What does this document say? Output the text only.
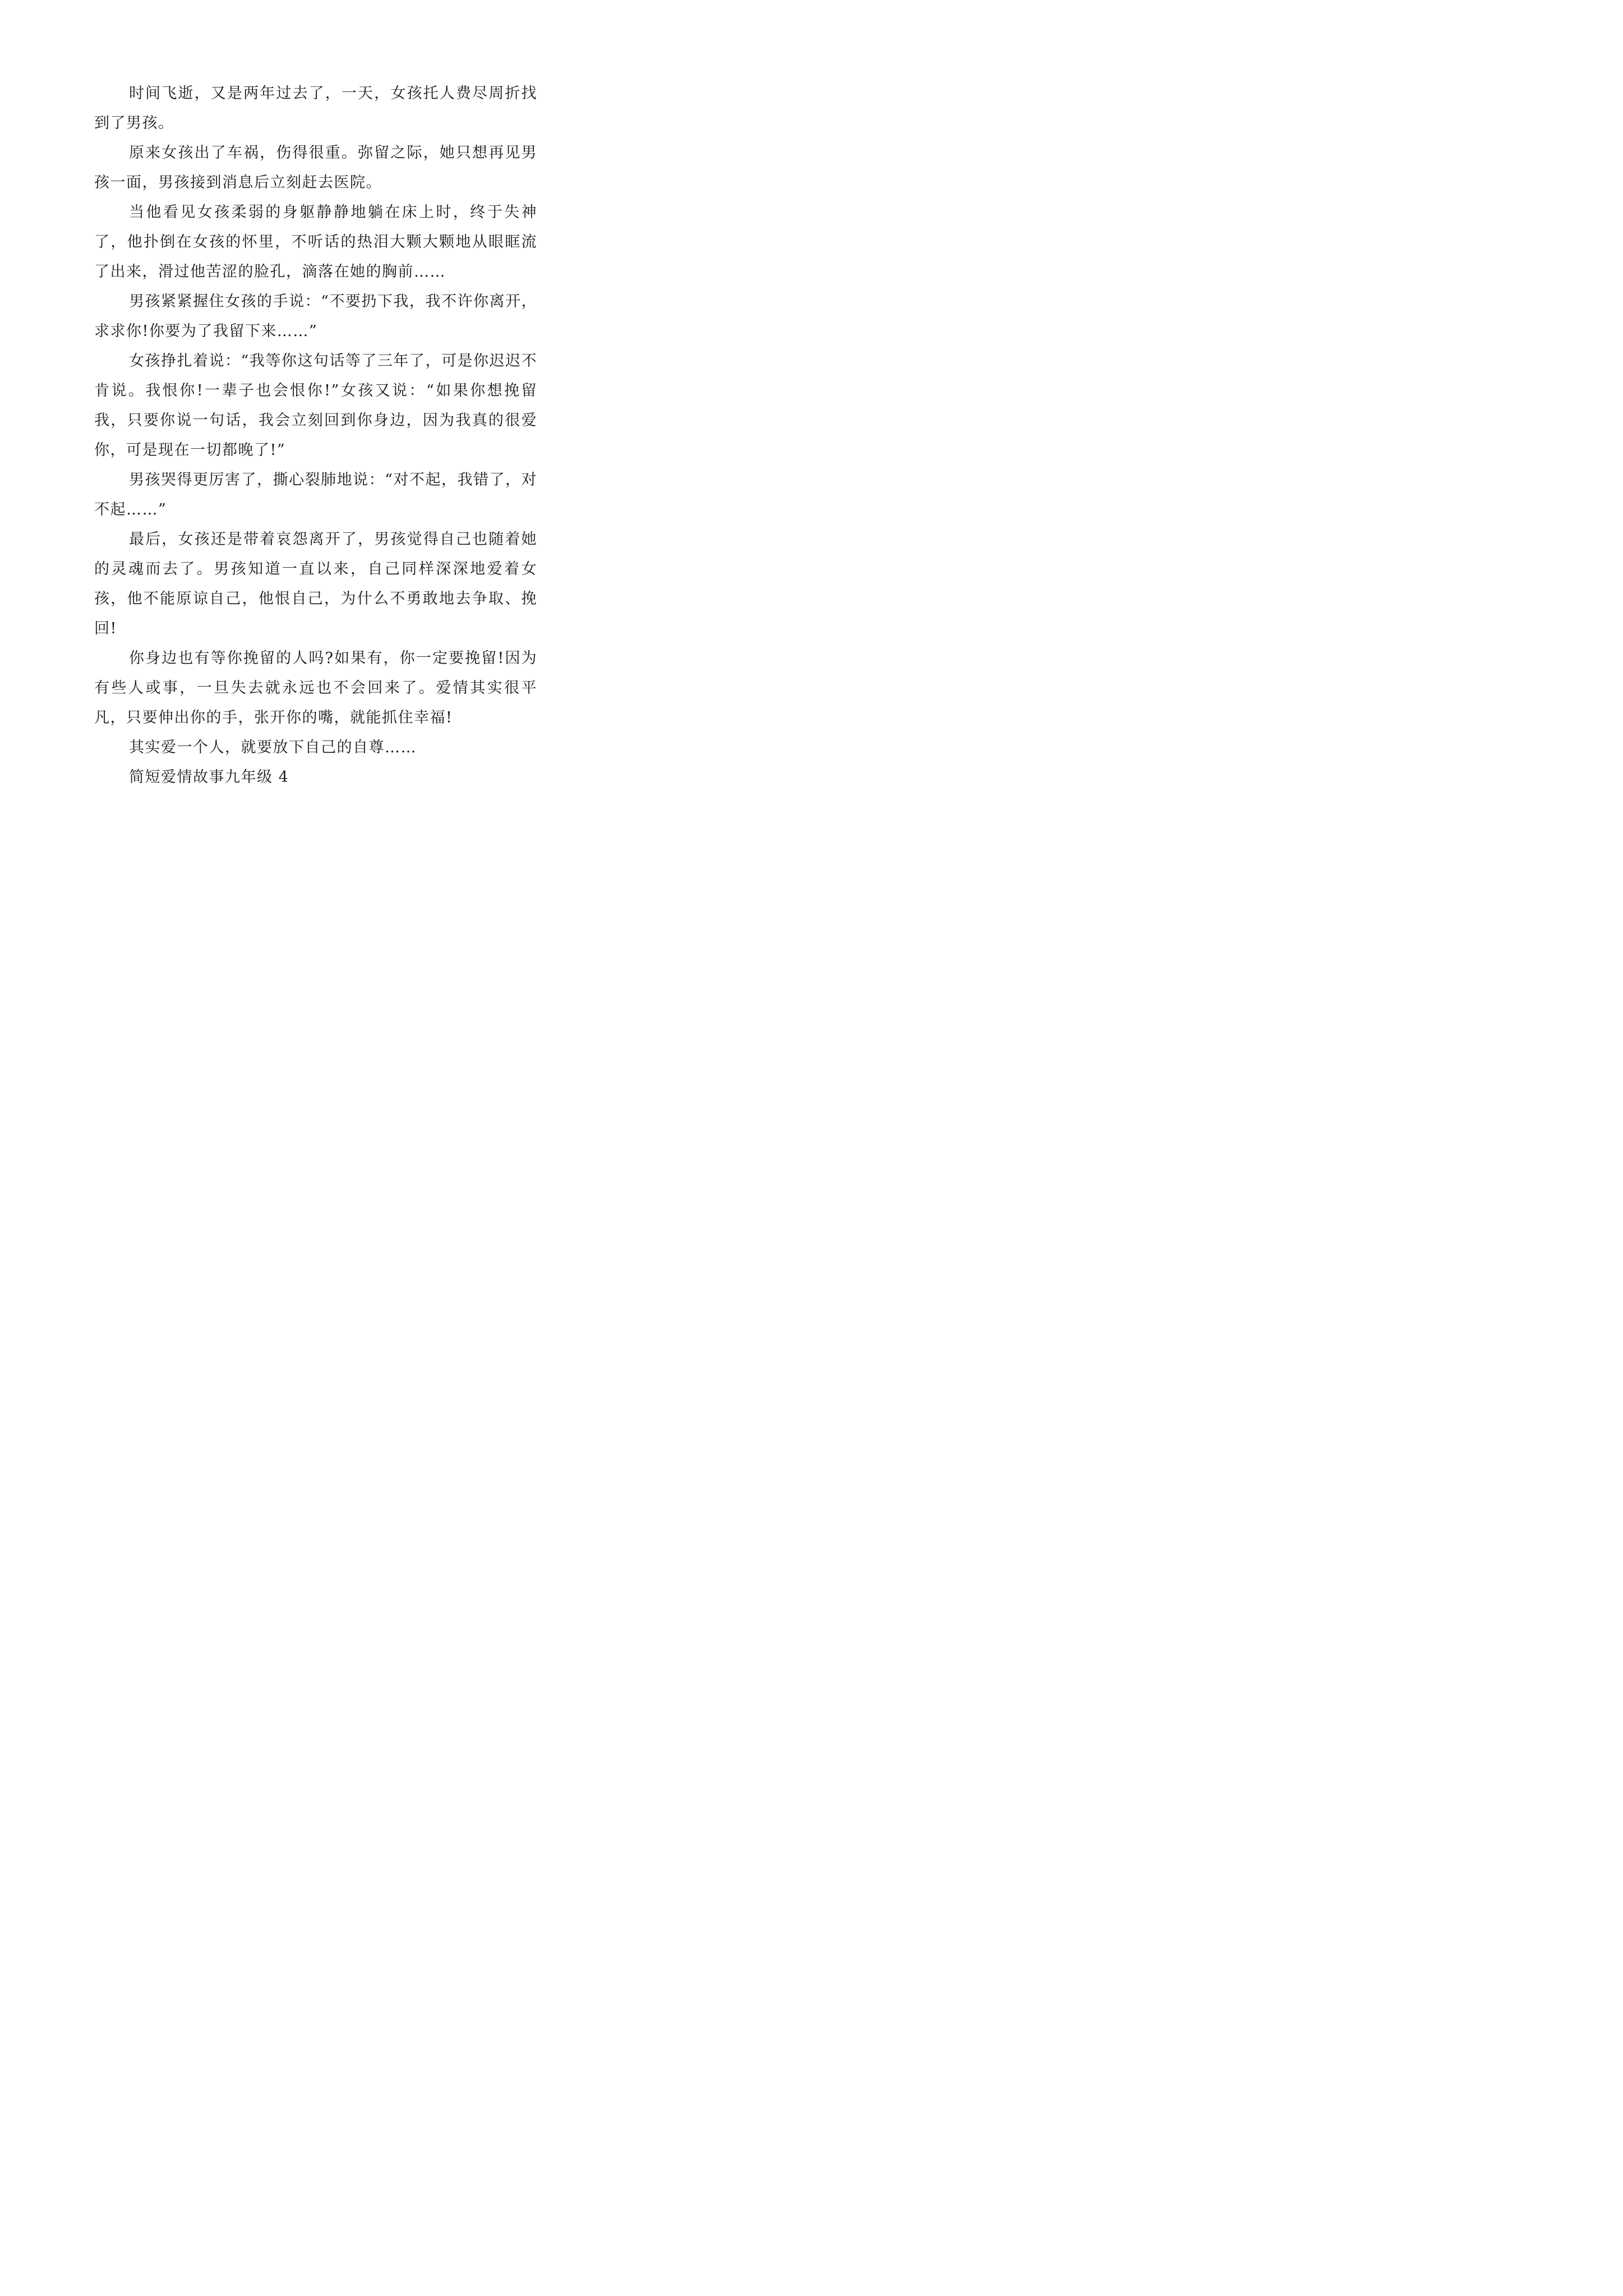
时间飞逝，又是两年过去了，一天，女孩托人费尽周折找到了男孩。

原来女孩出了车祸，伤得很重。弥留之际，她只想再见男孩一面，男孩接到消息后立刻赶去医院。

当他看见女孩柔弱的身躯静静地躺在床上时，终于失神了，他扑倒在女孩的怀里，不听话的热泪大颗大颗地从眼眶流了出来，滑过他苦涩的脸孔，滴落在她的胸前……

男孩紧紧握住女孩的手说：“不要扔下我，我不许你离开，求求你!你要为了我留下来……”

女孩挣扎着说：“我等你这句话等了三年了，可是你迟迟不肯说。我恨你!一辈子也会恨你!”女孩又说：“如果你想挽留我，只要你说一句话，我会立刻回到你身边，因为我真的很爱你，可是现在一切都晚了!”

男孩哭得更厉害了，撕心裂肺地说：“对不起，我错了，对不起……”

最后，女孩还是带着哀怨离开了，男孩觉得自己也随着她的灵魂而去了。男孩知道一直以来，自己同样深深地爱着女孩，他不能原谅自己，他恨自己，为什么不勇敢地去争取、挽回!

你身边也有等你挽留的人吗?如果有，你一定要挽留!因为有些人或事，一旦失去就永远也不会回来了。爱情其实很平凡，只要伸出你的手，张开你的嘴，就能抓住幸福!

其实爱一个人，就要放下自己的自尊……

简短爱情故事九年级 4
